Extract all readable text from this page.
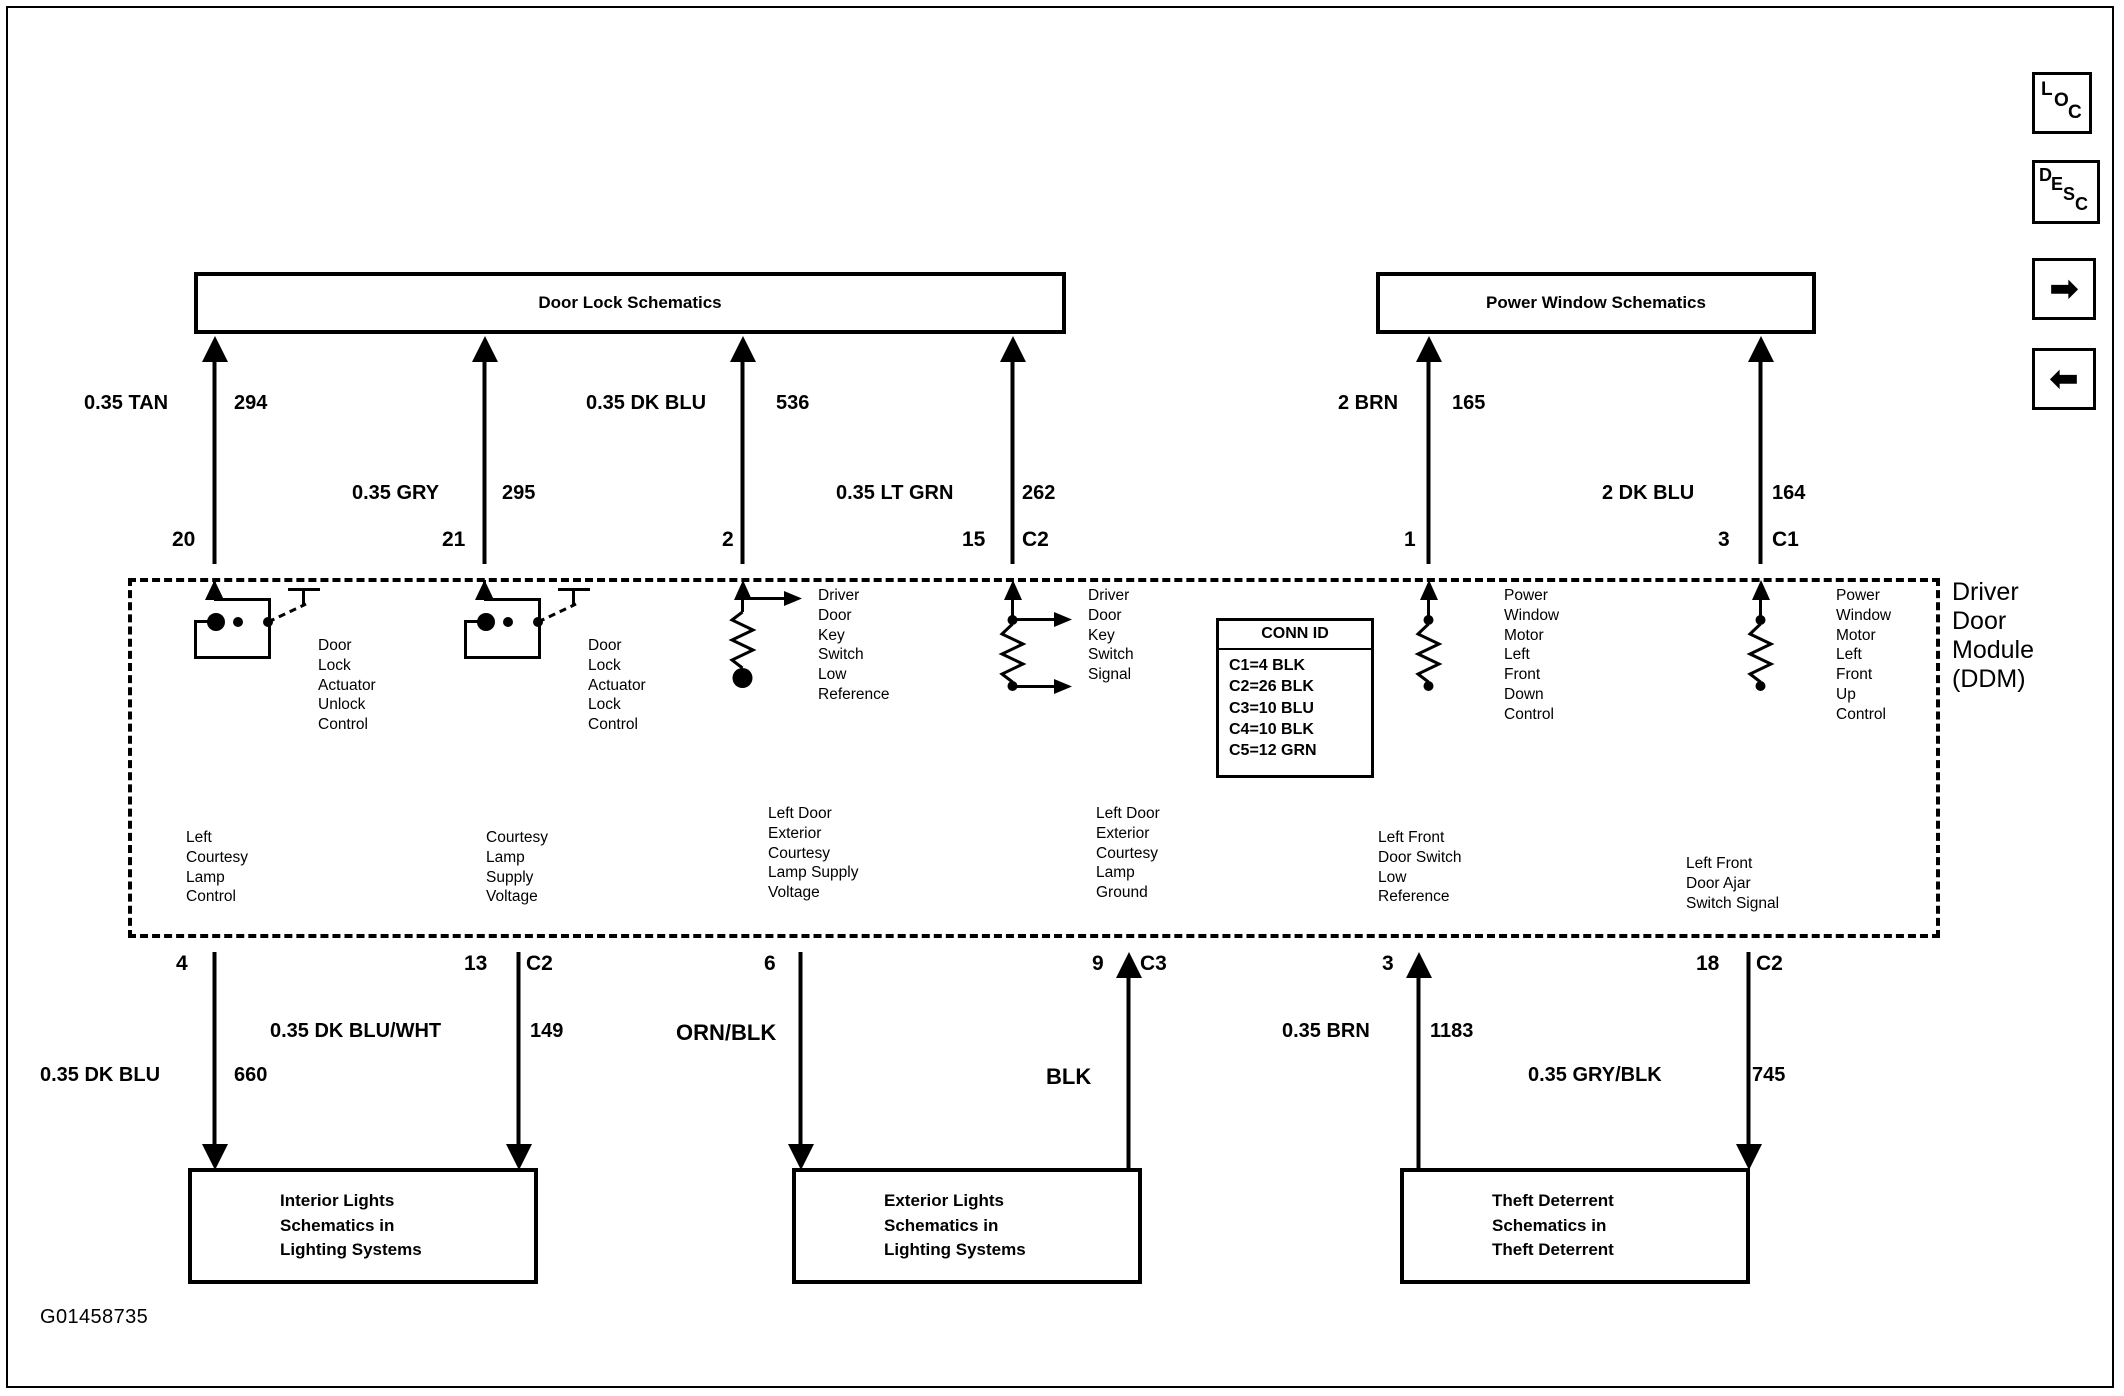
L
O
C
D E S C
➡
⬅
Door Lock Schematics	Power Window Schematics
Driver
Door
Module
(DDM)
CONN ID
C1=4 BLK
C2=26 BLK
C3=10 BLU
C4=10 BLK
C5=12 GRN
0.35 TAN	294
20
0.35 GRY	295
21
0.35 DK BLU	536
2
0.35 LT GRN	262
15 C2
2 BRN	165
1
2 DK BLU	164
3 C1
Door
Lock
Actuator
Unlock
Control
Door
Lock
Actuator
Lock
Control
Driver
Door
Key
Switch
Low
Reference
Driver
Door
Key
Switch
Signal
Power
Window
Motor
Left
Front
Down
Control
Power
Window
Motor
Left
Front
Up
Control
Left
Courtesy
Lamp
Control
Courtesy
Lamp
Supply
Voltage
Left Door
Exterior
Courtesy
Lamp Supply
Voltage
Left Door
Exterior
Courtesy
Lamp
Ground
Left Front
Door Switch
Low
Reference
Left Front
Door Ajar
Switch Signal
4
0.35 DK BLU	660
13 C2
0.35 DK BLU/WHT	149
6
ORN/BLK
9 C3
BLK
3
0.35 BRN	1183
18 C2
0.35 GRY/BLK	745
Interior Lights
Schematics in
Lighting Systems
Exterior Lights
Schematics in
Lighting Systems
Theft Deterrent
Schematics in
Theft Deterrent
G01458735
